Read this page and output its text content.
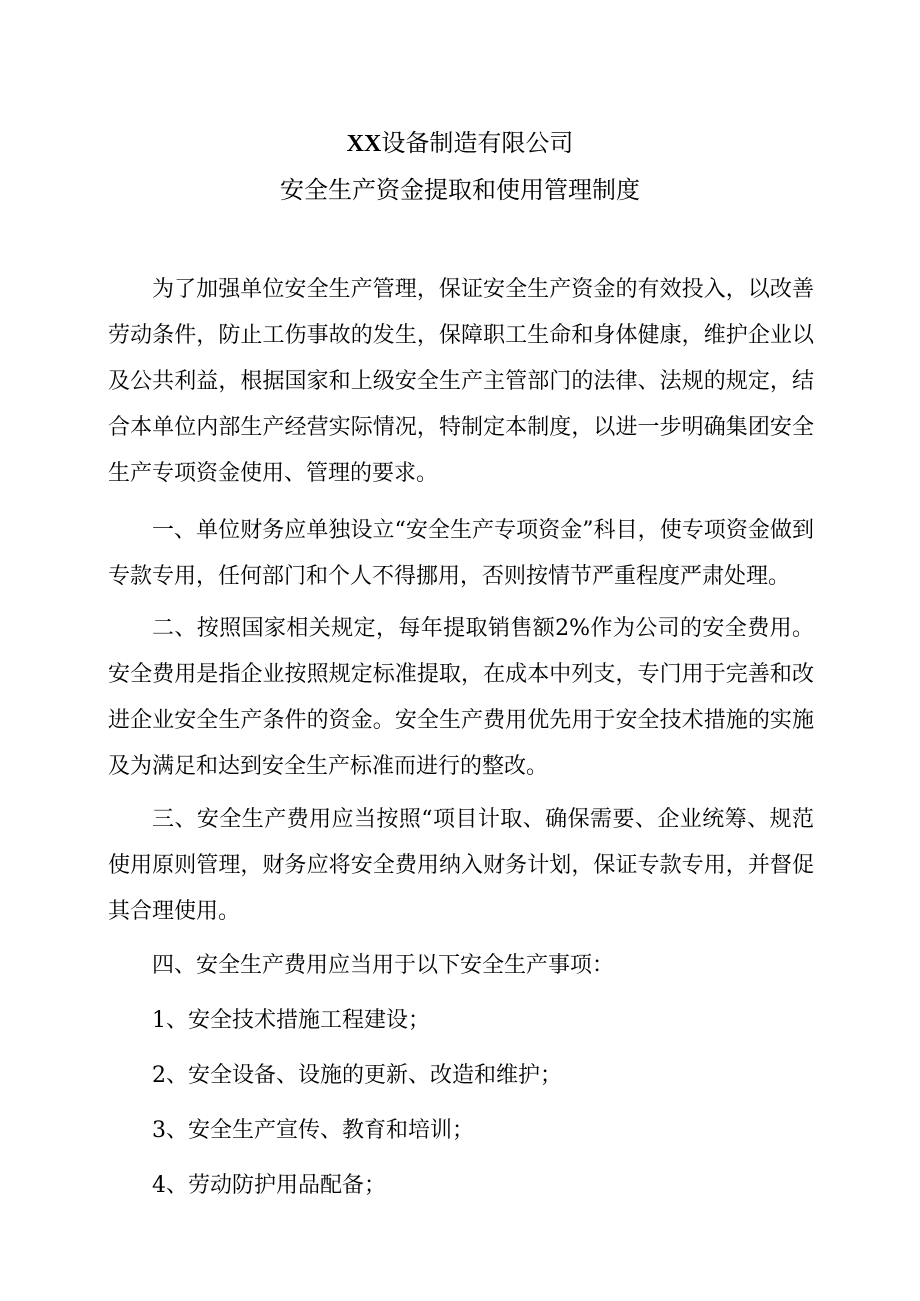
XX设备制造有限公司
安全生产资金提取和使用管理制度

为了加强单位安全生产管理，保证安全生产资金的有效投入，以改善劳动条件，防止工伤事故的发生，保障职工生命和身体健康，维护企业以及公共利益，根据国家和上级安全生产主管部门的法律、法规的规定，结合本单位内部生产经营实际情况，特制定本制度，以进一步明确集团安全生产专项资金使用、管理的要求。

一、单位财务应单独设立“安全生产专项资金”科目，使专项资金做到专款专用，任何部门和个人不得挪用，否则按情节严重程度严肃处理。

二、按照国家相关规定，每年提取销售额2%作为公司的安全费用。安全费用是指企业按照规定标准提取，在成本中列支，专门用于完善和改进企业安全生产条件的资金。安全生产费用优先用于安全技术措施的实施及为满足和达到安全生产标准而进行的整改。

三、安全生产费用应当按照“项目计取、确保需要、企业统筹、规范使用原则管理，财务应将安全费用纳入财务计划，保证专款专用，并督促其合理使用。

四、安全生产费用应当用于以下安全生产事项：

1、安全技术措施工程建设；

2、安全设备、设施的更新、改造和维护；

3、安全生产宣传、教育和培训；

4、劳动防护用品配备；
